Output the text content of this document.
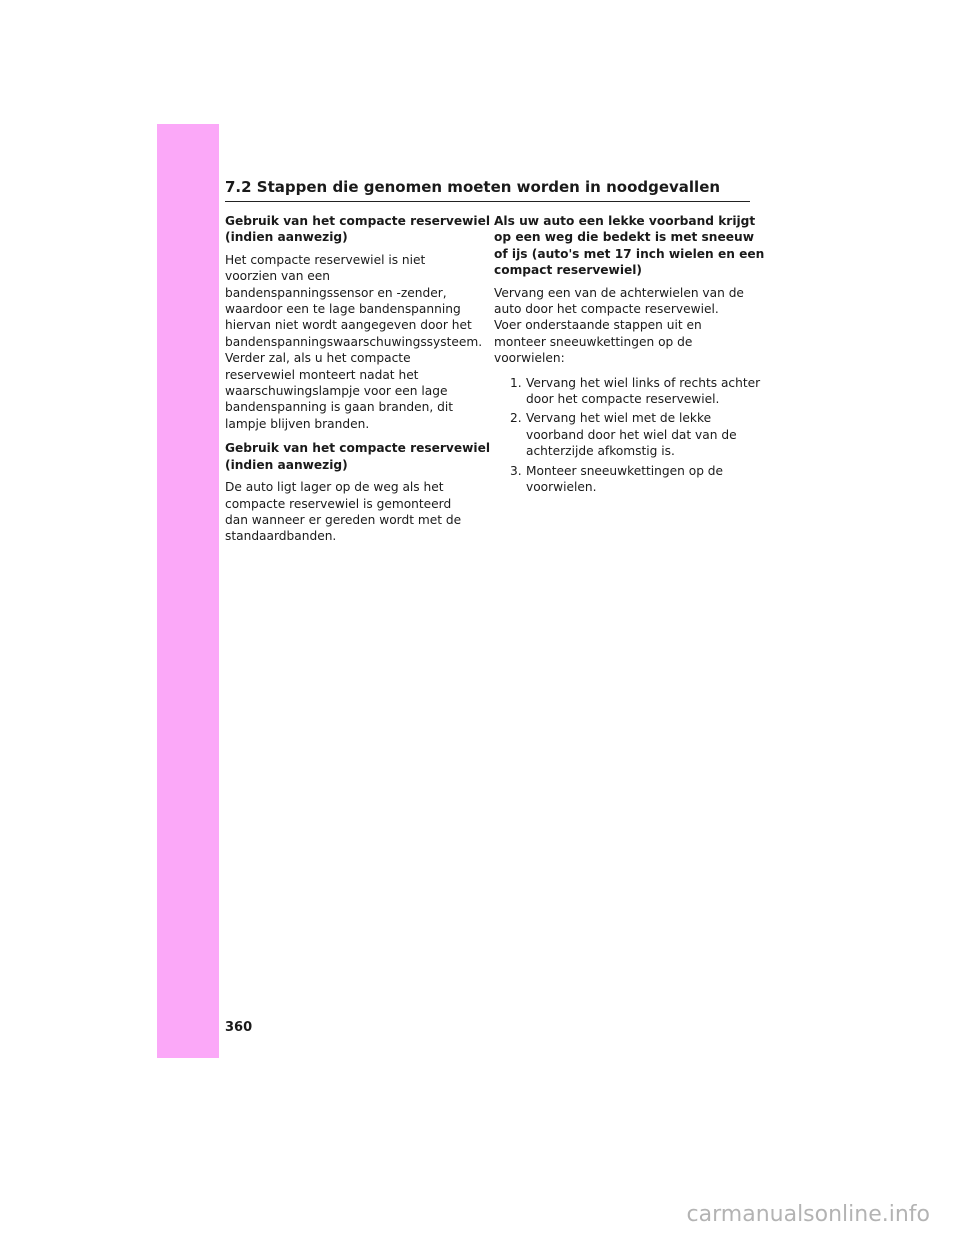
7.2 Stappen die genomen moeten worden in noodgevallen
Gebruik van het compacte reservewiel
(indien aanwezig)

Het compacte reservewiel is niet
voorzien van een
bandenspanningssensor en -zender,
waardoor een te lage bandenspanning
hiervan niet wordt aangegeven door het
bandenspanningswaarschuwingssysteem.
Verder zal, als u het compacte
reservewiel monteert nadat het
waarschuwingslampje voor een lage
bandenspanning is gaan branden, dit
lampje blijven branden.

Gebruik van het compacte reservewiel
(indien aanwezig)

De auto ligt lager op de weg als het
compacte reservewiel is gemonteerd
dan wanneer er gereden wordt met de
standaardbanden.

Als uw auto een lekke voorband krijgt
op een weg die bedekt is met sneeuw
of ijs (auto's met 17 inch wielen en een
compact reservewiel)

Vervang een van de achterwielen van de
auto door het compacte reservewiel.
Voer onderstaande stappen uit en
monteer sneeuwkettingen op de
voorwielen:

1. Vervang het wiel links of rechts achter
door het compacte reservewiel.
2. Vervang het wiel met de lekke
voorband door het wiel dat van de
achterzijde afkomstig is.
3. Monteer sneeuwkettingen op de
voorwielen.
360
carmanualsonline.info
